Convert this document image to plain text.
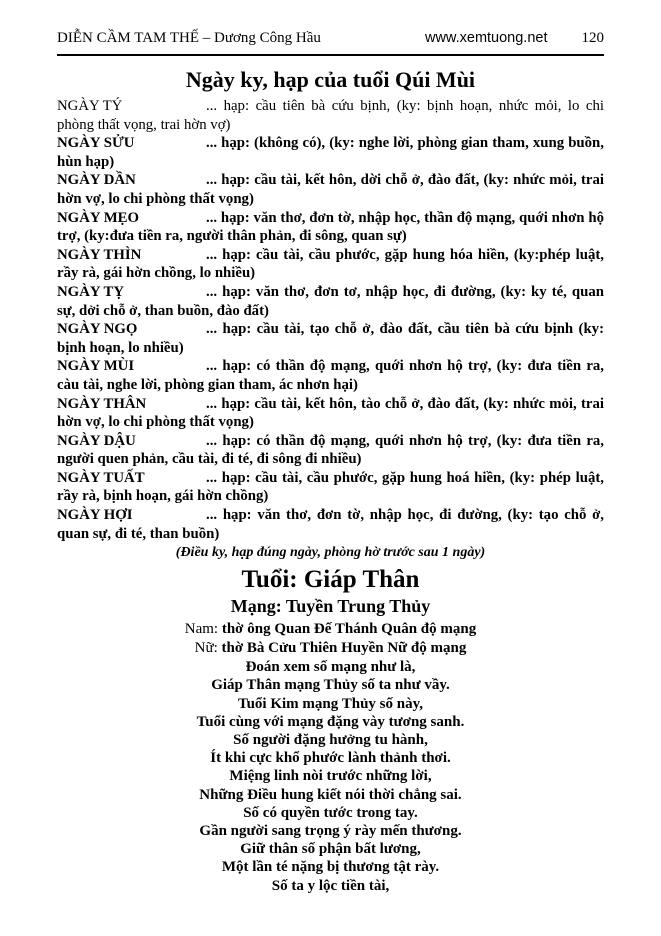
DIỄN CẦM TAM THẾ – Dương Công Hầu	www.xemtuong.net 120
Ngày ky, hạp của tuổi Qúi Mùi

NGÀY TÝ	... hạp: cầu tiên bà cứu bịnh, (ky: bịnh hoạn, nhức mỏi, lo chi phòng thất vọng, trai hờn vợ)

NGÀY SỬU	... hạp: (không có), (ky: nghe lời, phòng gian tham, xung buồn, hùn hạp)

NGÀY DẦN	... hạp: cầu tài, kết hôn, dời chỗ ở, đào đất, (ky: nhức mỏi, trai hờn vợ, lo chi phòng thất vọng)

NGÀY MẸO	... hạp: văn thơ, đơn tờ, nhập học, thần độ mạng, quới nhơn hộ trợ, (ky:đưa tiền ra, người thân phản, đi sông, quan sự)

NGÀY THÌN	... hạp: cầu tài, cầu phước, gặp hung hóa hiền, (ky:phép luật, rầy rà, gái hờn chồng, lo nhiều)

NGÀY TỴ	... hạp: văn thơ, đơn tơ, nhập học, đi đường, (ky: ky té, quan sự, dởi chỗ ở, than buồn, đào đất)

NGÀY NGỌ	... hạp: cầu tài, tạo chỗ ở, đào đất, cầu tiên bà cứu bịnh (ky: bịnh hoạn, lo nhiều)

NGÀY MÙI	... hạp: có thần độ mạng, quới nhơn hộ trợ, (ky: đưa tiền ra, càu tài, nghe lời, phòng gian tham, ác nhơn hại)

NGÀY THÂN	... hạp: cầu tài, kết hôn, tào chỗ ở, đào đất, (ky: nhức mỏi, trai hờn vợ, lo chi phòng thất vọng)

NGÀY DẬU	... hạp: có thần độ mạng, quới nhơn hộ trợ, (ky: đưa tiền ra, người quen phản, cầu tài, đi té, đi sông đi nhiều)

NGÀY TUẤT	... hạp: cầu tài, cầu phước, gặp hung hoá hiền, (ky: phép luật, rầy rà, bịnh hoạn, gái hờn chồng)

NGÀY HỢI	... hạp: văn thơ, đơn tờ, nhập học, đi đường, (ky: tạo chỗ ở, quan sự, đi té, than buồn)

(Điều ky, hạp đúng ngày, phòng hờ trước sau 1 ngày)

Tuổi: Giáp Thân
Mạng: Tuyền Trung Thủy

Nam: thờ ông Quan Đế Thánh Quân độ mạng

Nữ: thờ Bà Cửu Thiên Huyền Nữ độ mạng

Đoán xem số mạng như là,

Giáp Thân mạng Thủy số ta như vầy.

Tuổi Kim mạng Thủy số này,

Tuổi cùng với mạng đặng vày tương sanh.

Số người đặng hưởng tu hành,

Ít khi cực khổ phước lành thảnh thơi.

Miệng linh nòi trước những lời,

Những Điều hung kiết nói thời chẳng sai.

Số có quyền tước trong tay.

Gần người sang trọng ý rày mến thương.

Giữ thân số phận bất lương,

Một lần té nặng bị thương tật rày.

Số ta y lộc tiền tài,
